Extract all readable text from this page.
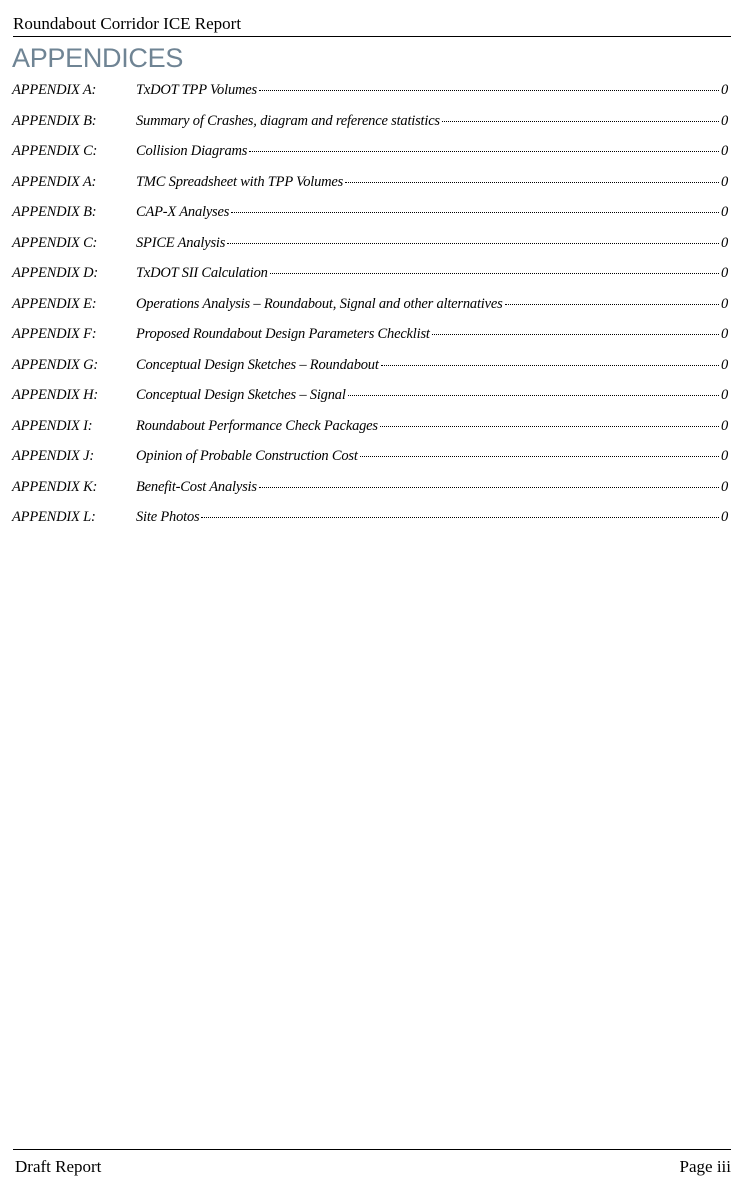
Roundabout Corridor ICE Report
APPENDICES
APPENDIX A:	TxDOT TPP Volumes	0
APPENDIX B:	Summary of Crashes, diagram and reference statistics	0
APPENDIX C:	Collision Diagrams	0
APPENDIX A:	TMC Spreadsheet with TPP Volumes	0
APPENDIX B:	CAP-X Analyses	0
APPENDIX C:	SPICE Analysis	0
APPENDIX D:	TxDOT SII Calculation	0
APPENDIX E:	Operations Analysis – Roundabout, Signal and other alternatives	0
APPENDIX F:	Proposed Roundabout Design Parameters Checklist	0
APPENDIX G:	Conceptual Design Sketches – Roundabout	0
APPENDIX H:	Conceptual Design Sketches – Signal	0
APPENDIX I:	Roundabout Performance Check Packages	0
APPENDIX J:	Opinion of Probable Construction Cost	0
APPENDIX K:	Benefit-Cost Analysis	0
APPENDIX L:	Site Photos	0
Draft Report	Page iii
